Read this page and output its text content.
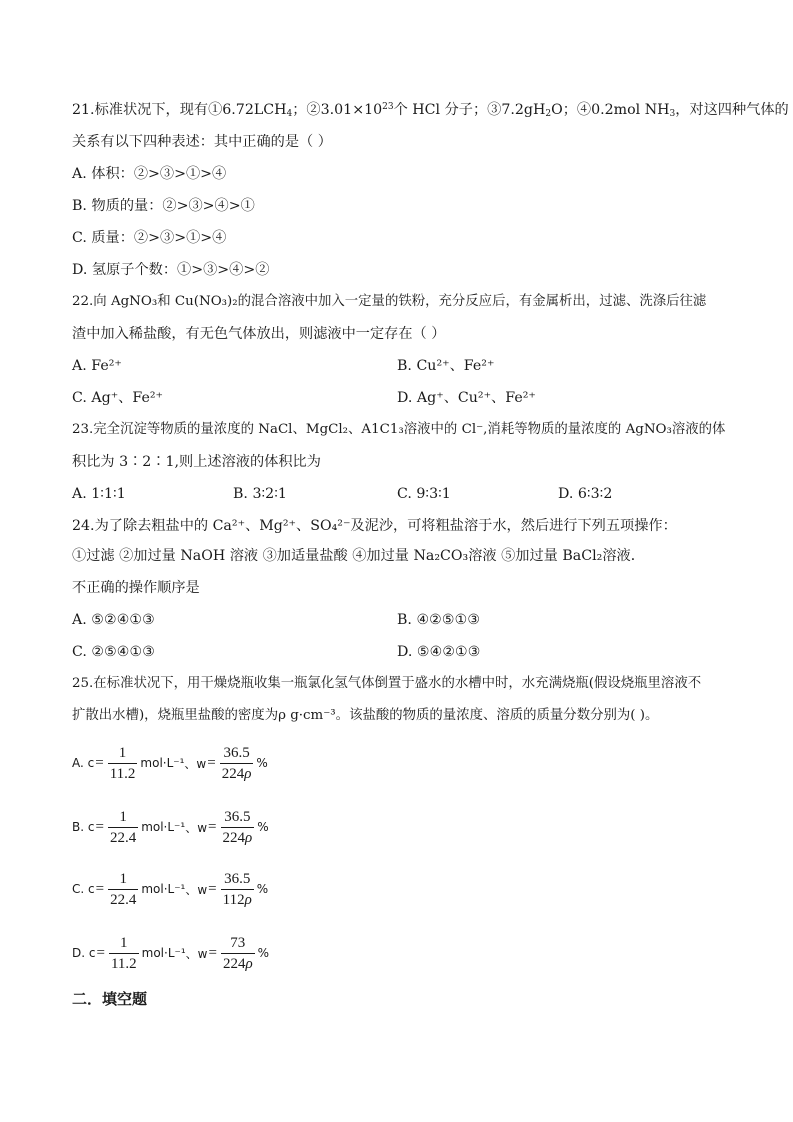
21.标准状况下，现有$①6.72LCH_4$；$②3.01\times 10^{23}$个 HCl 分子；$③7.2gH_2O$；④0.2mol $NH_3$，对这四种气体的
关系有以下四种表述：其中正确的是（ ）
A. 体积：②>③>①>④
B. 物质的量：②>③>④>①
C. 质量：②>③>①>④
D. 氢原子个数：①>③>④>②
22.向 AgNO₃和 Cu(NO₃)₂的混合溶液中加入一定量的铁粉，充分反应后，有金属析出，过滤、洗涤后往滤
渣中加入稀盐酸，有无色气体放出，则滤液中一定存在（ ）
A. Fe²⁺	B. Cu²⁺、Fe²⁺
C. Ag⁺、Fe²⁺	D. Ag⁺、Cu²⁺、Fe²⁺
23.完全沉淀等物质的量浓度的 NaCl、MgCl₂、A1C1₃溶液中的 Cl⁻,消耗等物质的量浓度的 AgNO₃溶液的体
积比为 3∶2∶1,则上述溶液的体积比为
A. 1∶1∶1	B. 3∶2∶1	C. 9∶3∶1	D. 6∶3∶2
24.为了除去粗盐中的 Ca²⁺、Mg²⁺、SO₄²⁻及泥沙，可将粗盐溶于水，然后进行下列五项操作：
①过滤 ②加过量 NaOH 溶液 ③加适量盐酸 ④加过量 Na₂CO₃溶液 ⑤加过量 BaCl₂溶液．
不正确的操作顺序是
A. ⑤②④①③	B. ④②⑤①③
C. ②⑤④①③	D. ⑤④②①③
25.在标准状况下，用干燥烧瓶收集一瓶氯化氢气体倒置于盛水的水槽中时，水充满烧瓶(假设烧瓶里溶液不
扩散出水槽)，烧瓶里盐酸的密度为ρ g·cm⁻³。该盐酸的物质的量浓度、溶质的质量分数分别为( )。
A. $c = \frac{1}{11.2} mol\cdot L^{-1}$ 、$w = \frac{36.5}{224\rho}$ %
B. $c = \frac{1}{22.4} mol\cdot L^{-1}$ 、$w = \frac{36.5}{224\rho}$ %
C. $c = \frac{1}{22.4} mol\cdot L^{-1}$ 、$w = \frac{36.5}{112\rho}$ %
D. $c = \frac{1}{11.2} mol\cdot L^{-1}$ 、$w = \frac{73}{224\rho}$ %
二．填空题
